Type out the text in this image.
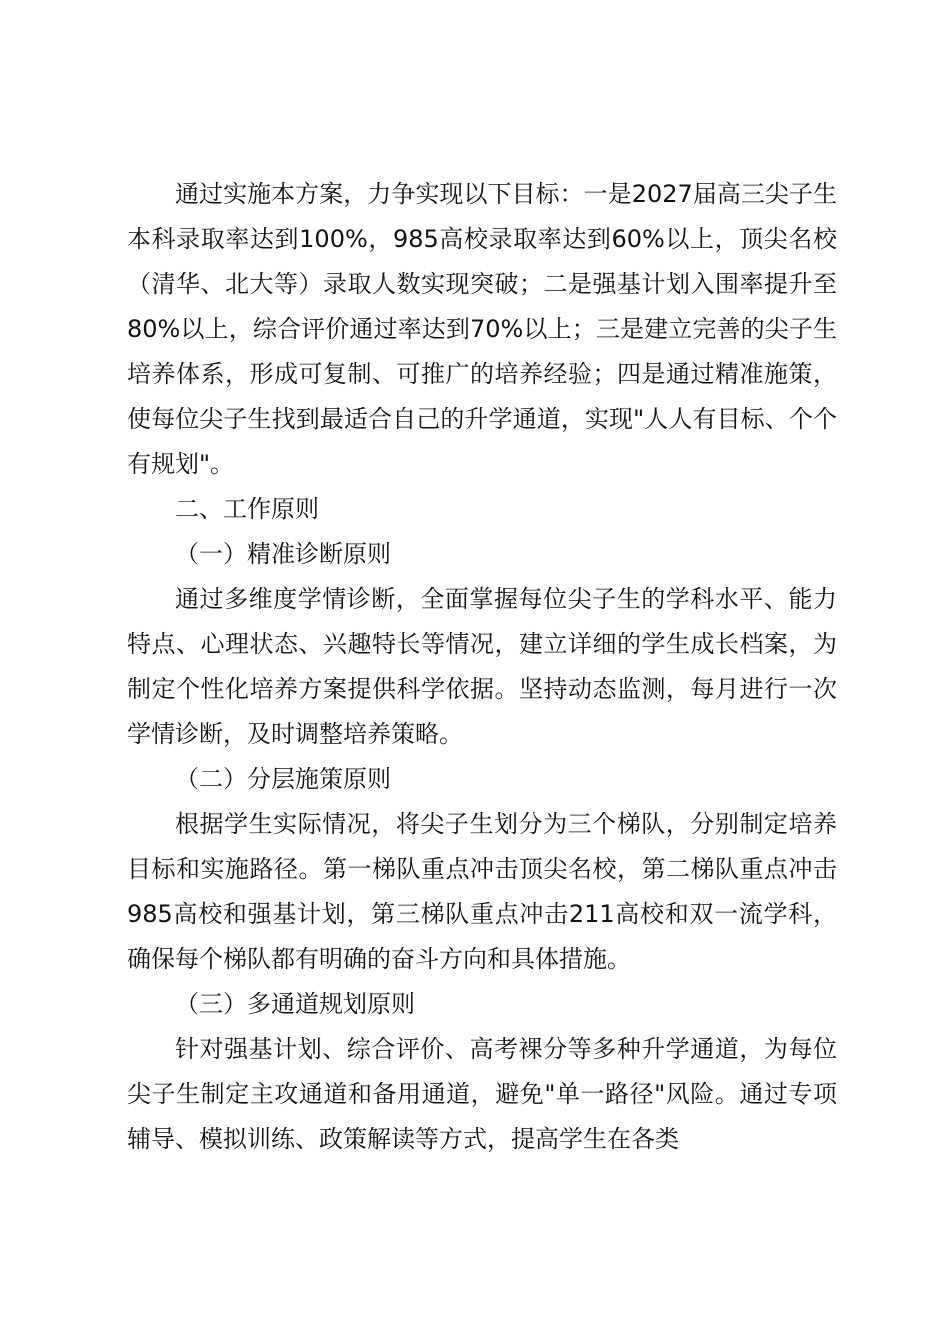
通过实施本方案，力争实现以下目标：一是2027届高三尖子生本科录取率达到100%，985高校录取率达到60%以上，顶尖名校（清华、北大等）录取人数实现突破；二是强基计划入围率提升至80%以上，综合评价通过率达到70%以上；三是建立完善的尖子生培养体系，形成可复制、可推广的培养经验；四是通过精准施策，使每位尖子生找到最适合自己的升学通道，实现"人人有目标、个个有规划"。

二、工作原则

（一）精准诊断原则

通过多维度学情诊断，全面掌握每位尖子生的学科水平、能力特点、心理状态、兴趣特长等情况，建立详细的学生成长档案，为制定个性化培养方案提供科学依据。坚持动态监测，每月进行一次学情诊断，及时调整培养策略。

（二）分层施策原则

根据学生实际情况，将尖子生划分为三个梯队，分别制定培养目标和实施路径。第一梯队重点冲击顶尖名校，第二梯队重点冲击985高校和强基计划，第三梯队重点冲击211高校和双一流学科，确保每个梯队都有明确的奋斗方向和具体措施。

（三）多通道规划原则

针对强基计划、综合评价、高考裸分等多种升学通道，为每位尖子生制定主攻通道和备用通道，避免"单一路径"风险。通过专项辅导、模拟训练、政策解读等方式，提高学生在各类
